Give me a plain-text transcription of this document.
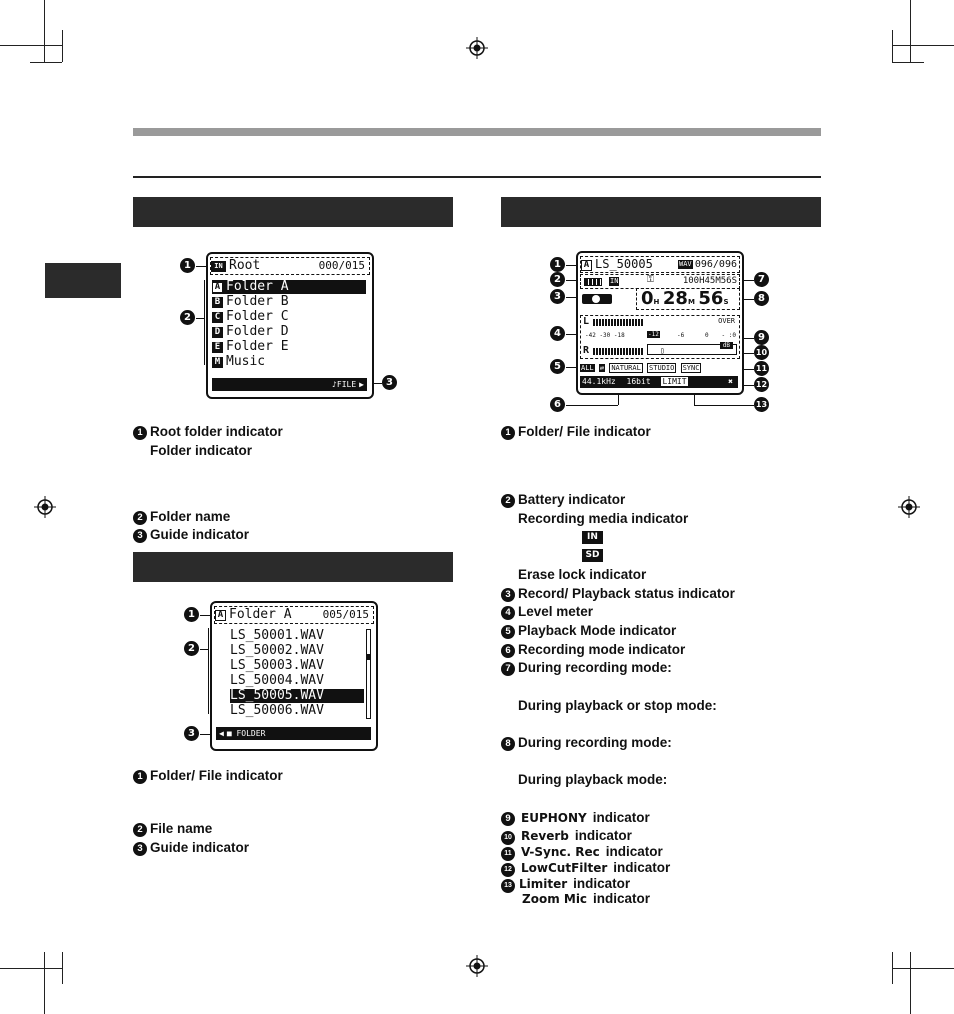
1
2
3
IN Root	000/015
A Folder A
B Folder B
C Folder C
D Folder D
E Folder E
M Music
♪FILE ▶
1 Root folder indicator
Folder indicator
2 Folder name
3 Guide indicator
1
2
3
A Folder A	005/015
LS_50001.WAV
LS_50002.WAV
LS_50003.WAV
LS_50004.WAV
LS_50005.WAV
LS_50006.WAV
◀ ■ FOLDER
1 Folder/ File indicator
2 File name
3 Guide indicator
1
2
3
4
5
6
7
8
9
10
11
12
13
A LS_50005	WAV 096/096
IN	⚿	100H45M56S
0H 28M 56S
L	OVER
-42 -30 -18	-12	-6	0 - :0
R	▯
dB
ALL ⇄ NATURAL STUDIO SYNC
44.1kHz 16bit LIMIT	✖
1 Folder/ File indicator
2 Battery indicator
Recording media indicator
IN
SD
Erase lock indicator
3 Record/ Playback status indicator
4 Level meter
5 Playback Mode indicator
6 Recording mode indicator
7 During recording mode:
During playback or stop mode:
8 During recording mode:
During playback mode:
9 EUPHONY indicator
10 Reverb indicator
11 V-Sync. Rec indicator
12 LowCutFilter indicator
13 Limiter indicator
Zoom Mic indicator
